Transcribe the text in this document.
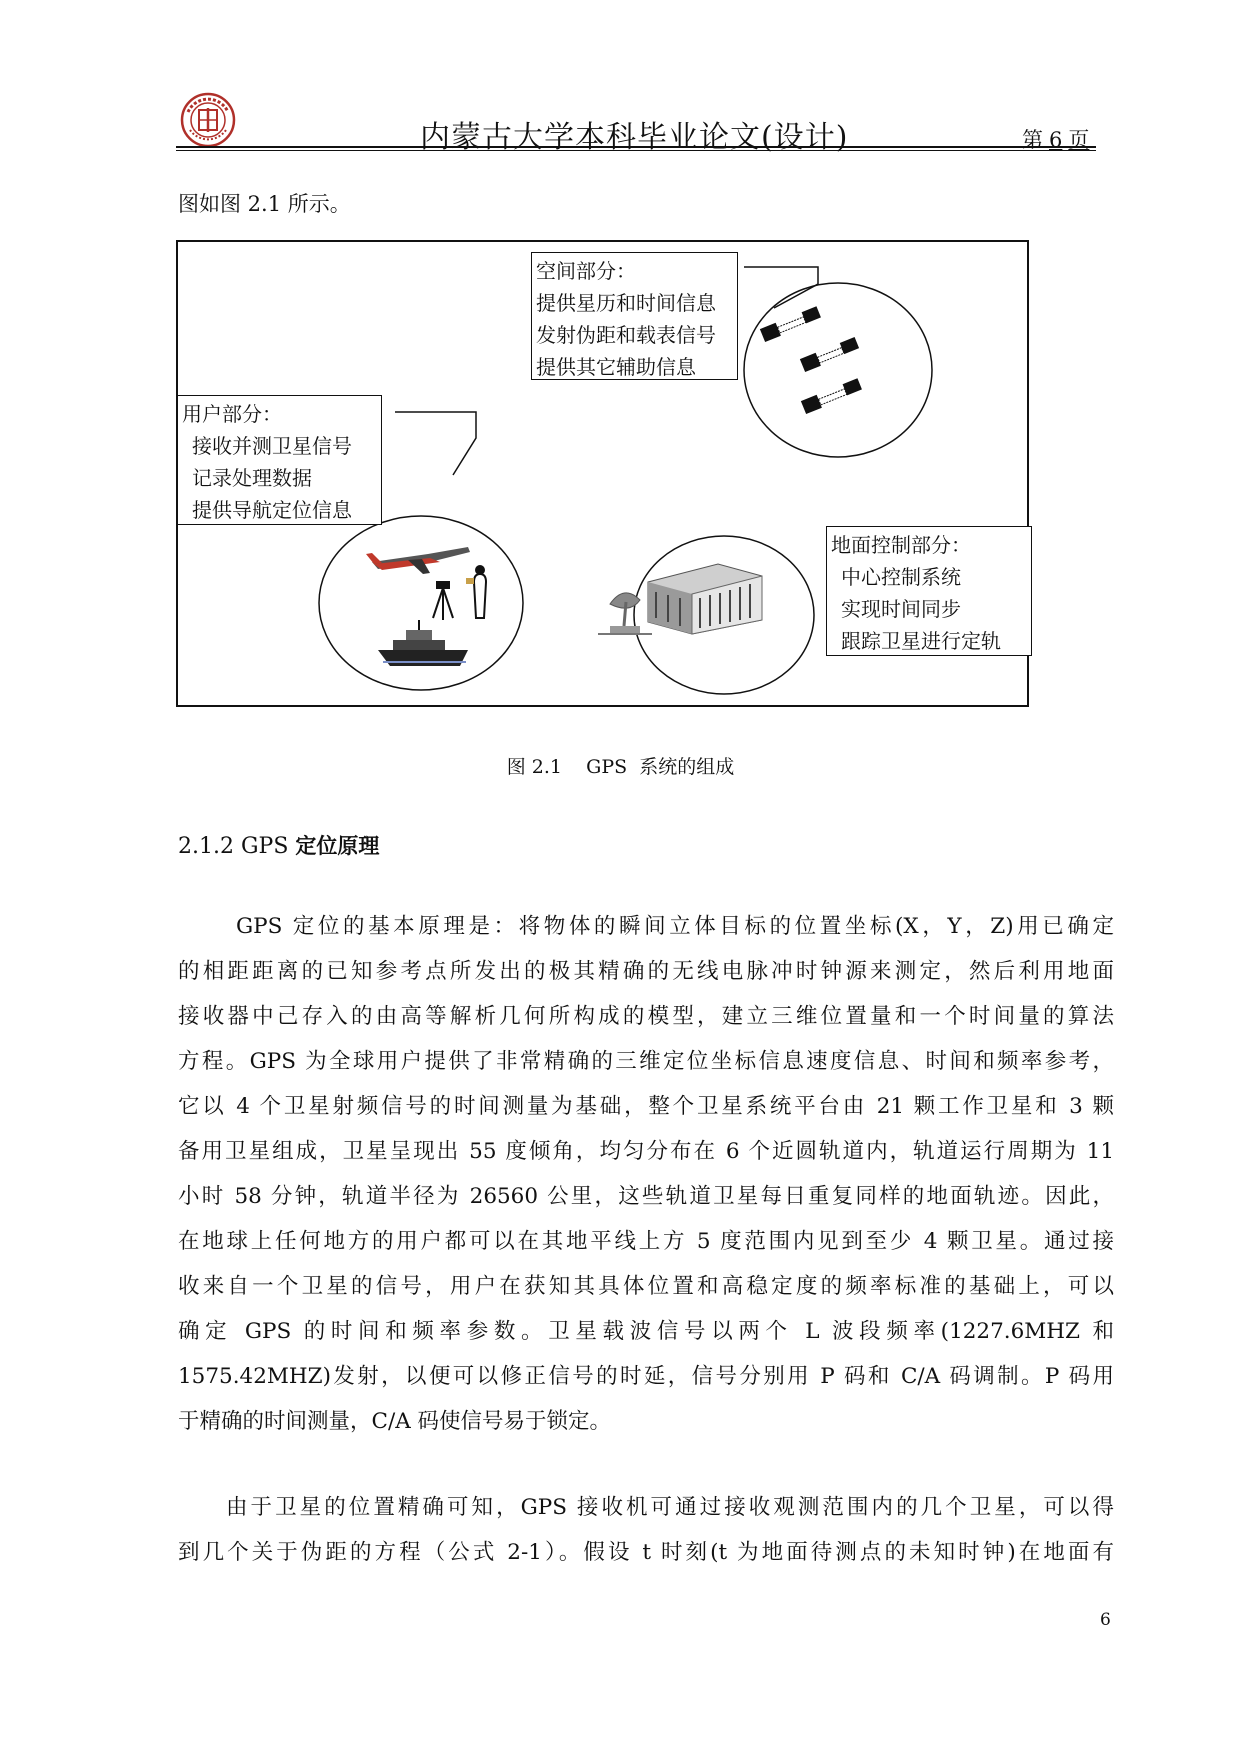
内蒙古大学本科毕业论文(设计)	第 6 页
图如图 2.1 所示。
空间部分：
提供星历和时间信息
发射伪距和载表信号
提供其它辅助信息
用户部分：
接收并测卫星信号
记录处理数据
提供导航定位信息
地面控制部分：
中心控制系统
实现时间同步
跟踪卫星进行定轨
图 2.1    GPS  系统的组成
2.1.2 GPS 定位原理
GPS 定位的基本原理是：将物体的瞬间立体目标的位置坐标(X，Y，Z)用已确定
的相距距离的已知参考点所发出的极其精确的无线电脉冲时钟源来测定，然后利用地面
接收器中己存入的由高等解析几何所构成的模型，建立三维位置量和一个时间量的算法
方程。GPS 为全球用户提供了非常精确的三维定位坐标信息速度信息、时间和频率参考，
它以 4 个卫星射频信号的时间测量为基础，整个卫星系统平台由 21 颗工作卫星和 3 颗
备用卫星组成，卫星呈现出 55 度倾角，均匀分布在 6 个近圆轨道内，轨道运行周期为 11
小时 58 分钟，轨道半径为 26560 公里，这些轨道卫星每日重复同样的地面轨迹。因此，
在地球上任何地方的用户都可以在其地平线上方 5 度范围内见到至少 4 颗卫星。通过接
收来自一个卫星的信号，用户在获知其具体位置和高稳定度的频率标准的基础上，可以
确定 GPS 的时间和频率参数。卫星载波信号以两个 L 波段频率(1227.6MHZ 和
1575.42MHZ)发射，以便可以修正信号的时延，信号分别用 P 码和 C/A 码调制。P 码用
于精确的时间测量，C/A 码使信号易于锁定。
由于卫星的位置精确可知，GPS 接收机可通过接收观测范围内的几个卫星，可以得
到几个关于伪距的方程（公式 2-1）。假设 t 时刻(t 为地面待测点的未知时钟)在地面有
6
